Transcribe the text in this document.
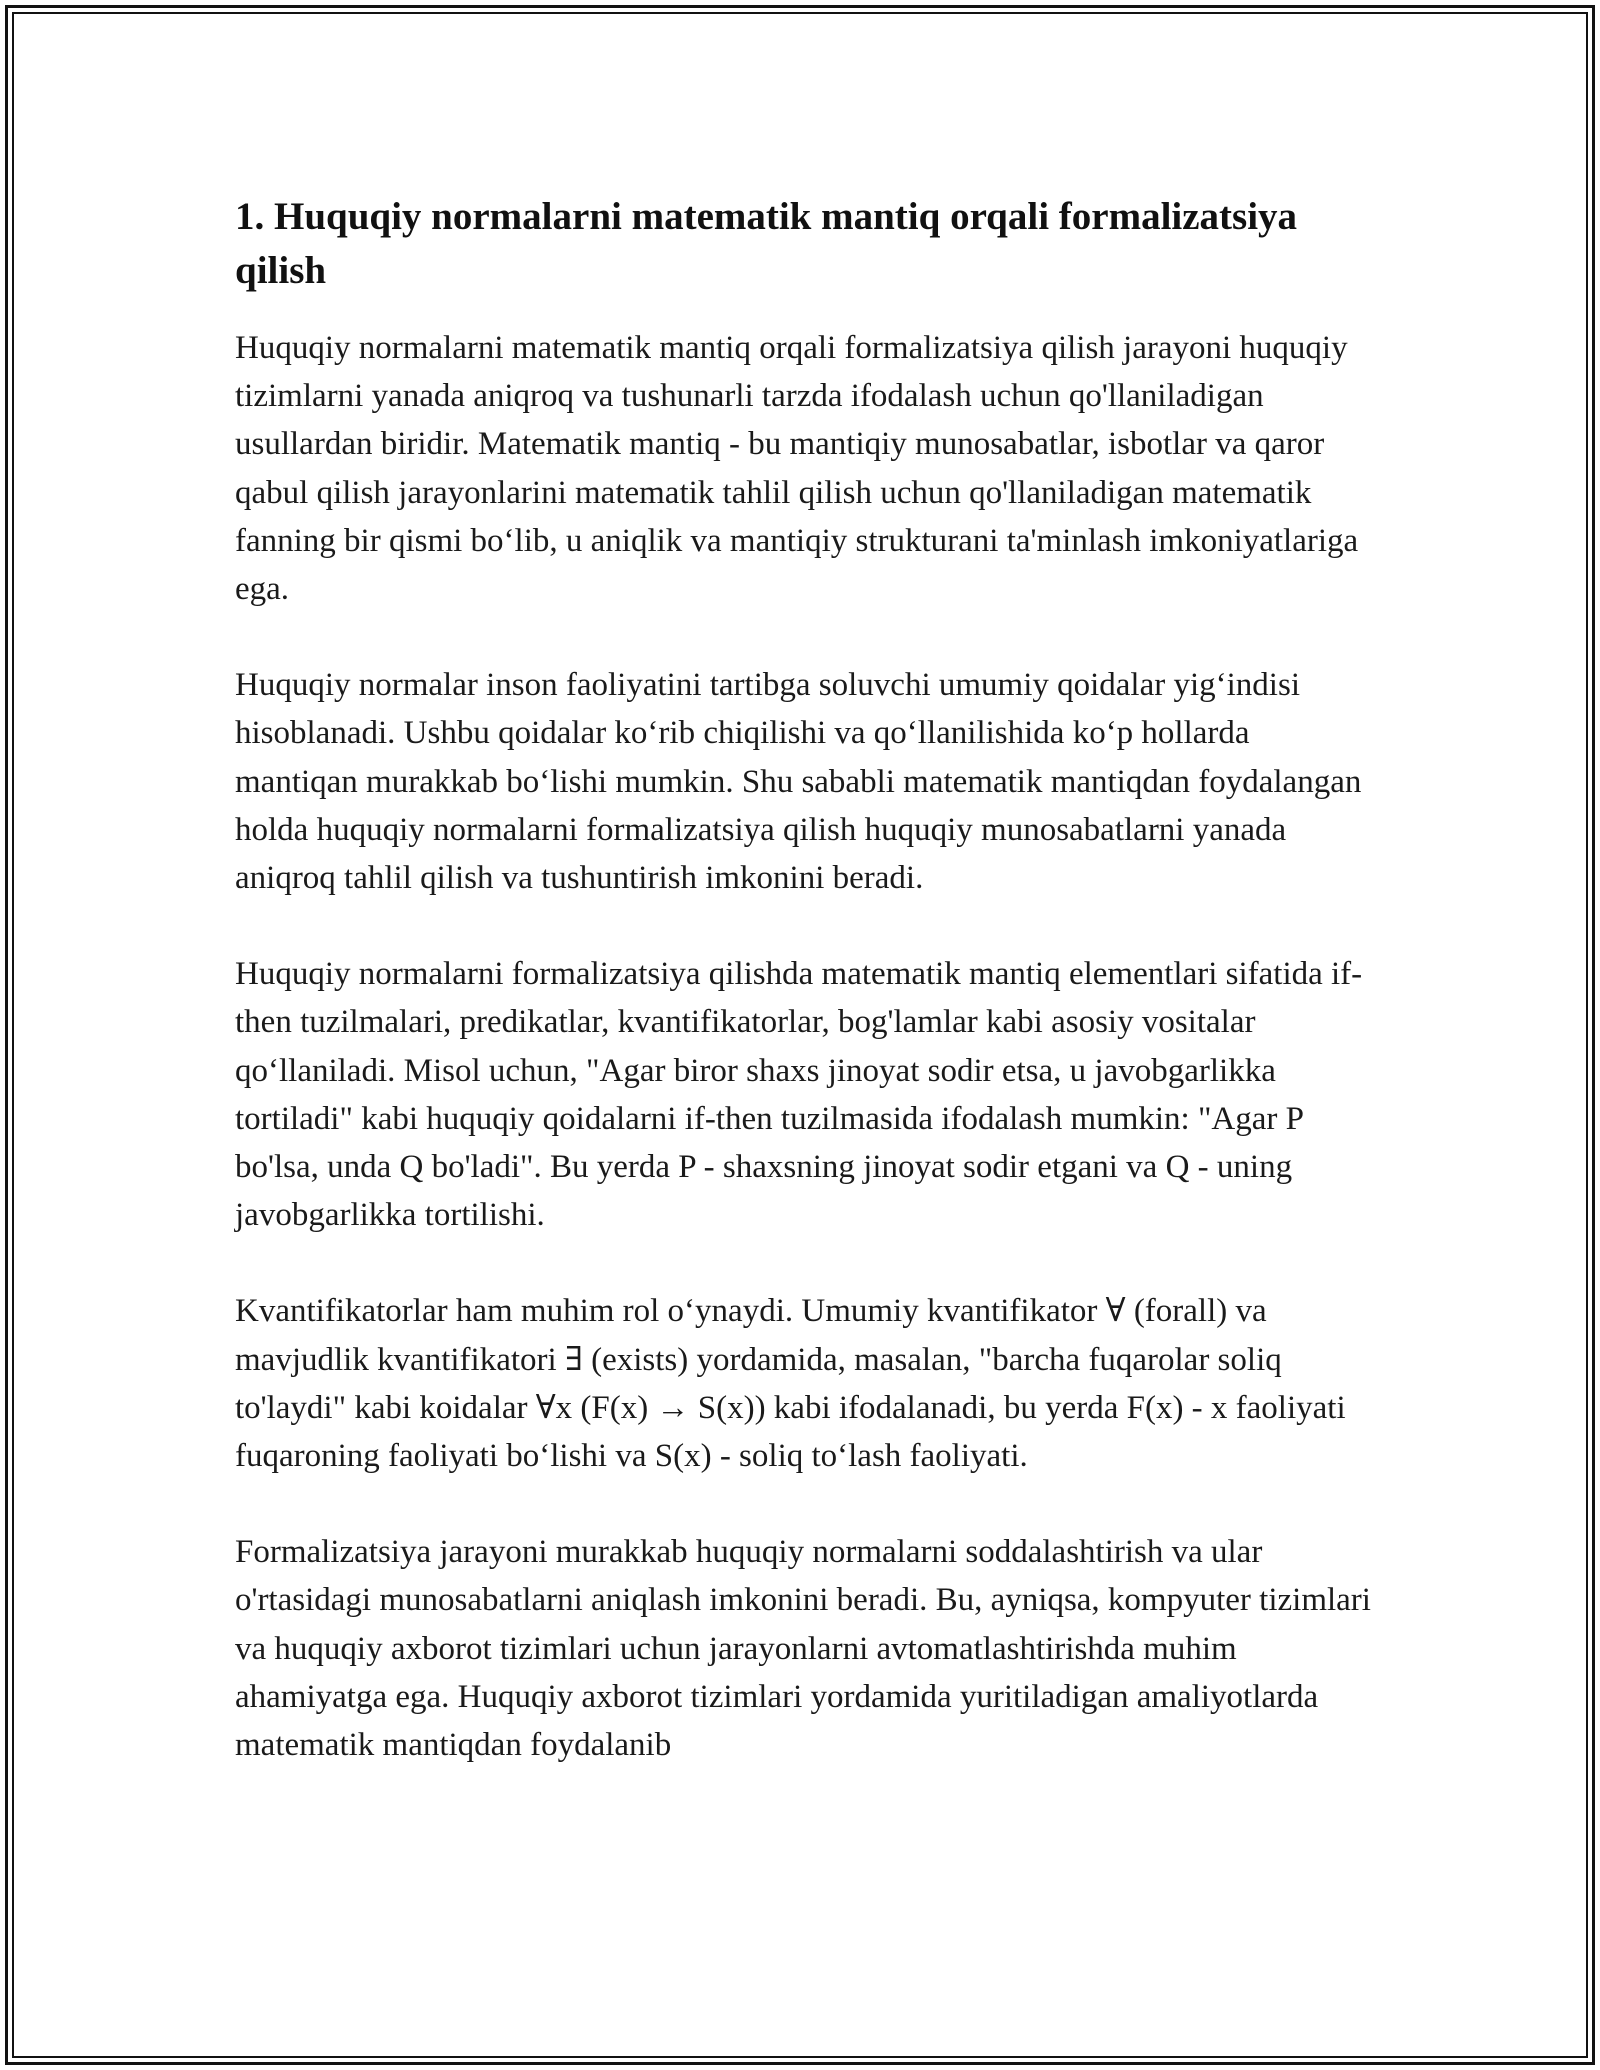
1. Huquqiy normalarni matematik mantiq orqali formalizatsiya qilish

Huquqiy normalarni matematik mantiq orqali formalizatsiya qilish jarayoni huquqiy tizimlarni yanada aniqroq va tushunarli tarzda ifodalash uchun qo'llaniladigan usullardan biridir. Matematik mantiq - bu mantiqiy munosabatlar, isbotlar va qaror qabul qilish jarayonlarini matematik tahlil qilish uchun qo'llaniladigan matematik fanning bir qismi bo‘lib, u aniqlik va mantiqiy strukturani ta'minlash imkoniyatlariga ega.

Huquqiy normalar inson faoliyatini tartibga soluvchi umumiy qoidalar yig‘indisi hisoblanadi. Ushbu qoidalar ko‘rib chiqilishi va qo‘llanilishida ko‘p hollarda mantiqan murakkab bo‘lishi mumkin. Shu sababli matematik mantiqdan foydalangan holda huquqiy normalarni formalizatsiya qilish huquqiy munosabatlarni yanada aniqroq tahlil qilish va tushuntirish imkonini beradi.

Huquqiy normalarni formalizatsiya qilishda matematik mantiq elementlari sifatida if-then tuzilmalari, predikatlar, kvantifikatorlar, bog'lamlar kabi asosiy vositalar qo‘llaniladi. Misol uchun, "Agar biror shaxs jinoyat sodir etsa, u javobgarlikka tortiladi" kabi huquqiy qoidalarni if-then tuzilmasida ifodalash mumkin: "Agar P bo'lsa, unda Q bo'ladi". Bu yerda P - shaxsning jinoyat sodir etgani va Q - uning javobgarlikka tortilishi.

Kvantifikatorlar ham muhim rol o‘ynaydi. Umumiy kvantifikator ∀ (forall) va mavjudlik kvantifikatori ∃ (exists) yordamida, masalan, "barcha fuqarolar soliq to'laydi" kabi koidalar ∀x (F(x) → S(x)) kabi ifodalanadi, bu yerda F(x) - x faoliyati fuqaroning faoliyati bo‘lishi va S(x) - soliq to‘lash faoliyati.

Formalizatsiya jarayoni murakkab huquqiy normalarni soddalashtirish va ular o'rtasidagi munosabatlarni aniqlash imkonini beradi. Bu, ayniqsa, kompyuter tizimlari va huquqiy axborot tizimlari uchun jarayonlarni avtomatlashtirishda muhim ahamiyatga ega. Huquqiy axborot tizimlari yordamida yuritiladigan amaliyotlarda matematik mantiqdan foydalanib
